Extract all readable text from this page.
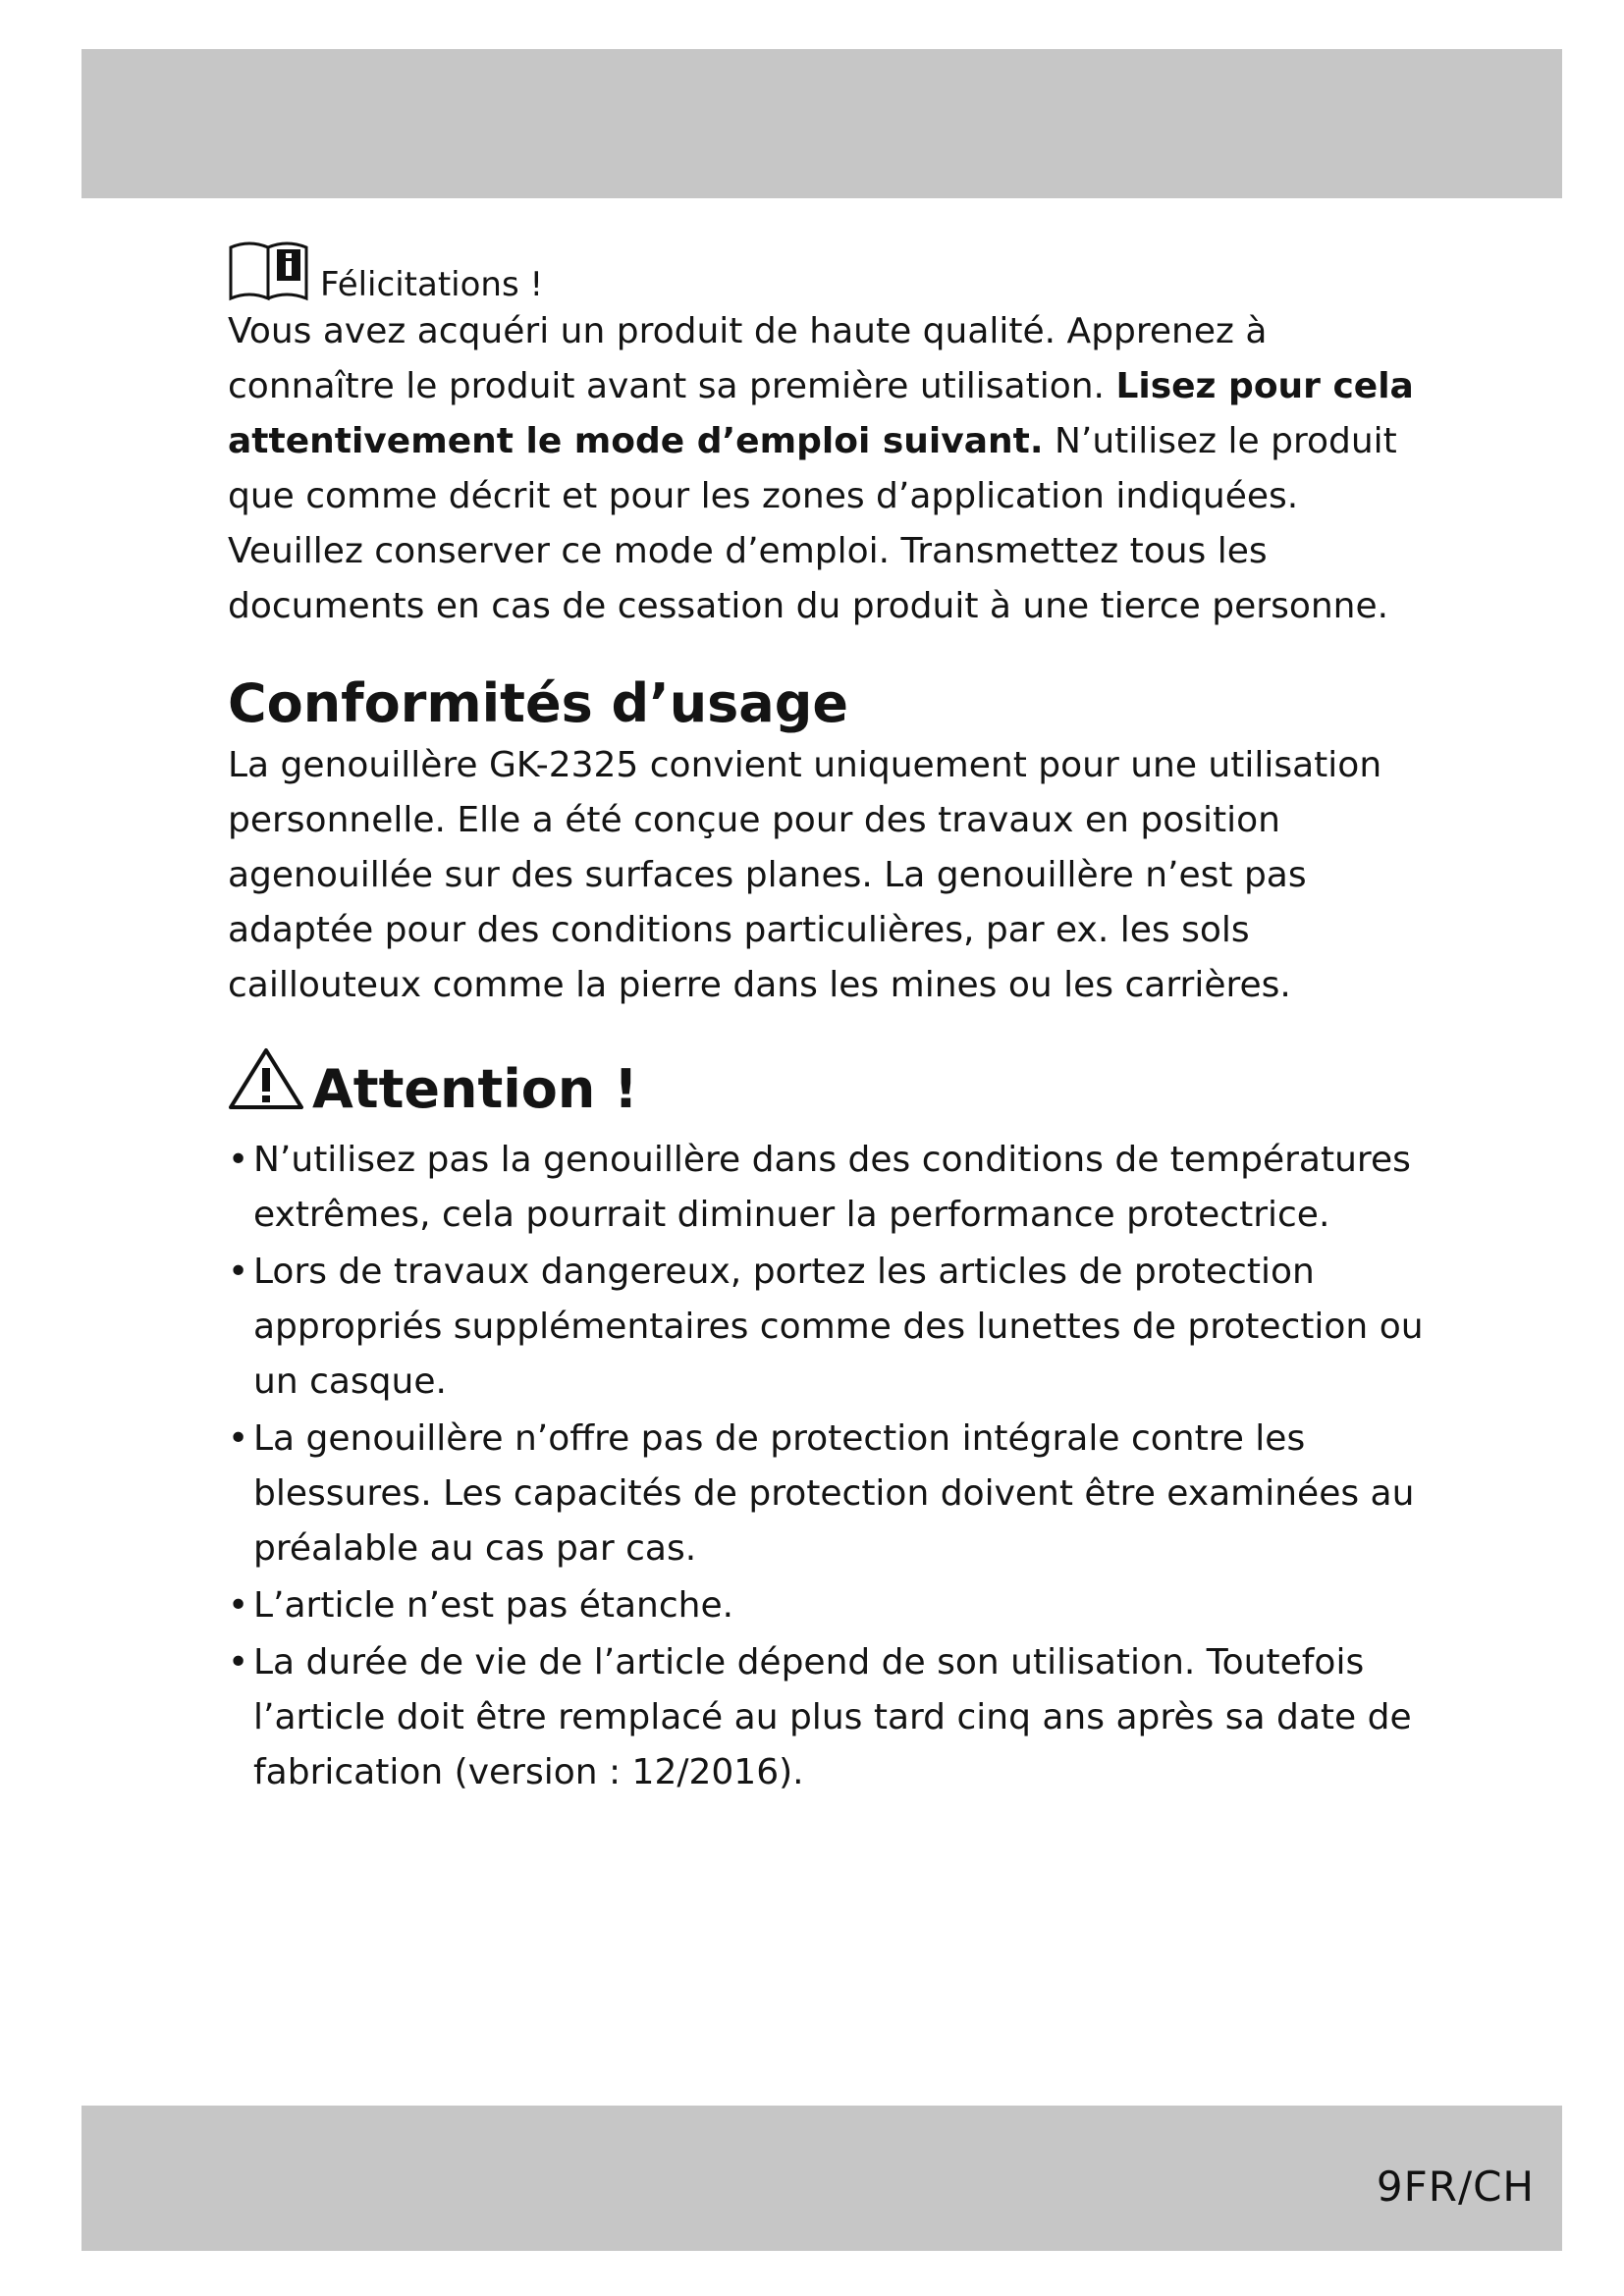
Félicitations !

Vous avez acquéri un produit de haute qualité. Apprenez à connaître le produit avant sa première utilisation. Lisez pour cela attentivement le mode d’emploi suivant. N’utilisez le produit que comme décrit et pour les zones d’application indiquées.

Veuillez conserver ce mode d’emploi. Transmettez tous les documents en cas de cessation du produit à une tierce personne.

Conformités d’usage

La genouillère GK-2325 convient uniquement pour une utilisation personnelle. Elle a été conçue pour des travaux en position agenouillée sur des surfaces planes. La genouillère n’est pas adaptée pour des conditions particulières, par ex. les sols caillouteux comme la pierre dans les mines ou les carrières.

Attention !
• N’utilisez pas la genouillère dans des conditions de températures extrêmes, cela pourrait diminuer la performance protectrice.
• Lors de travaux dangereux, portez les articles de protection appropriés supplémentaires comme des lunettes de protection ou un casque.
• La genouillère n’offre pas de protection intégrale contre les blessures. Les capacités de protection doivent être examinées au préalable au cas par cas.
• L’article n’est pas étanche.
• La durée de vie de l’article dépend de son utilisation. Toutefois l’article doit être remplacé au plus tard cinq ans après sa date de fabrication (version : 12/2016).
9FR/CH
